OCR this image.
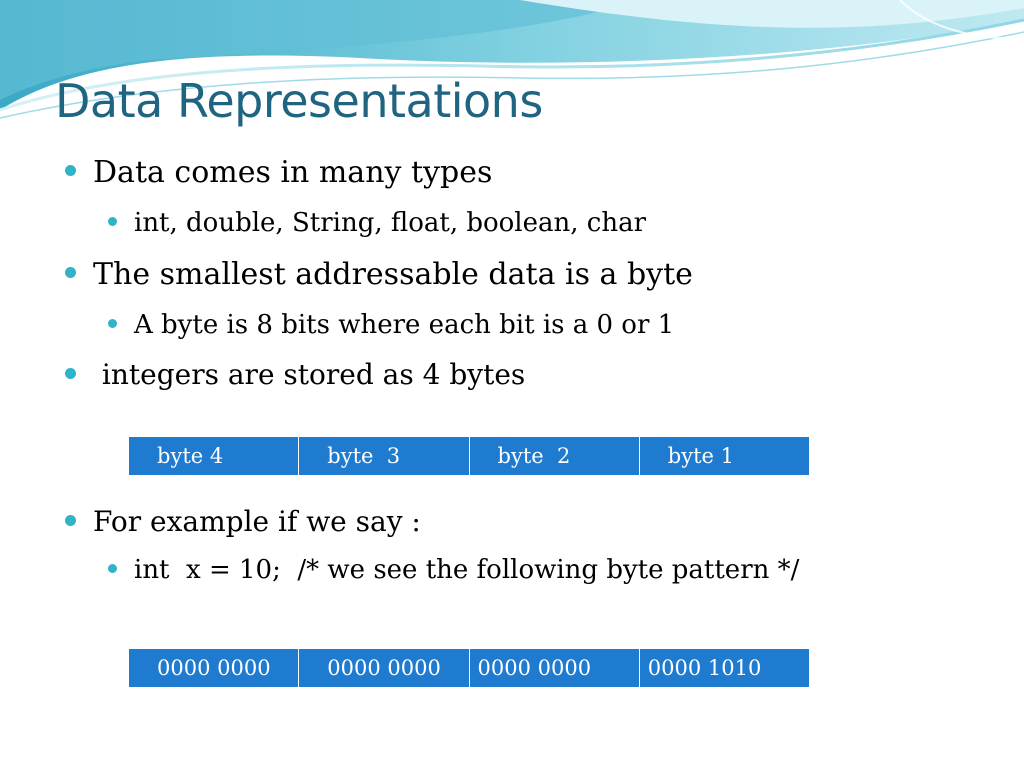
Data Representations
Data comes in many types
int, double, String, float, boolean, char
The smallest addressable data is a byte
A byte is 8 bits where each bit is a 0 or 1
integers are stored as 4 bytes
byte 4	byte  3	byte  2	byte 1
For example if we say :
int  x = 10;  /* we see the following byte pattern */
0000 0000	0000 0000	0000 0000	0000 1010
